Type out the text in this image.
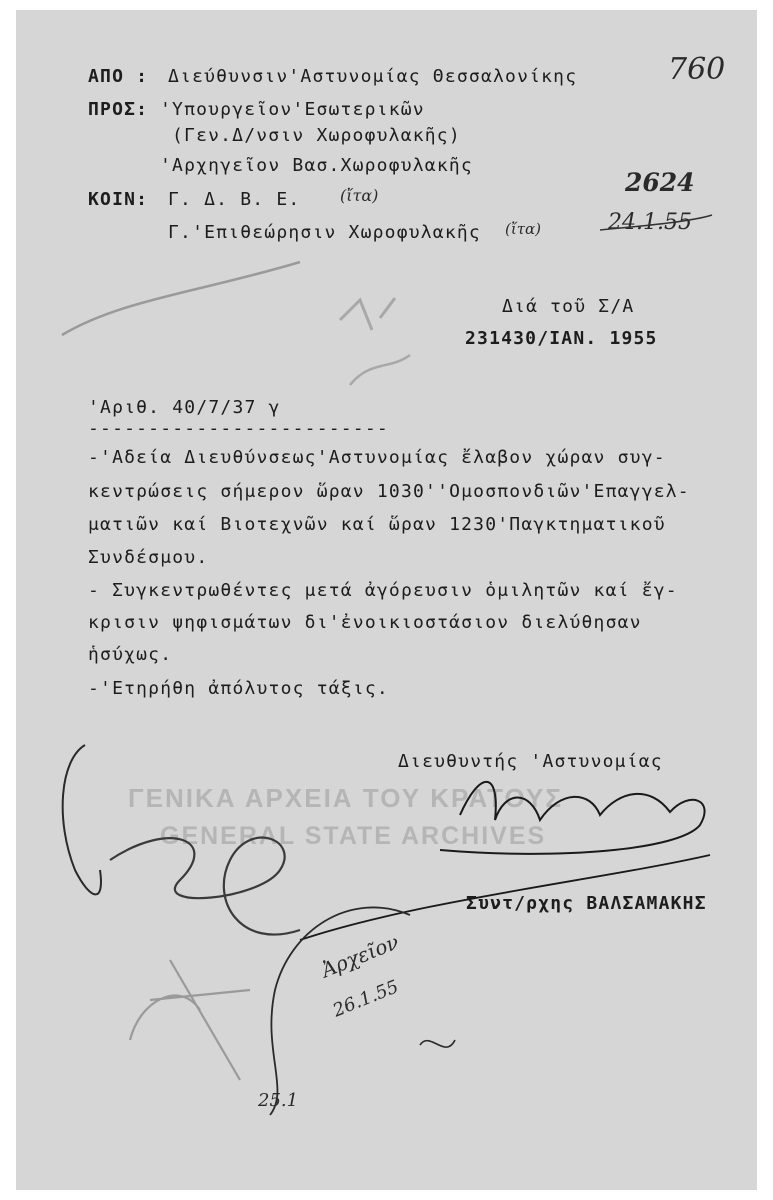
ΓΕΝΙΚΑ ΑΡΧΕΙΑ ΤΟΥ ΚΡΑΤΟΥΣ
GENERAL STATE ARCHIVES
ΑΠΟ : Διεύθυνσιν'Αστυνομίας Θεσσαλονίκης
ΠΡΟΣ: 'Υπουργεῖον'Εσωτερικῶν
(Γεν.Δ/νσιν Χωροφυλακῆς)
'Αρχηγεῖον Βασ.Χωροφυλακῆς
ΚΟΙΝ: Γ. Δ. Β. Ε. (ἴτα)
Γ.'Επιθεώρησιν Χωροφυλακῆς (ἴτα)
760
2624
24.1.55
Διά τοῦ Σ/Α
231430/ΙΑΝ. 1955
'Αριθ. 40/7/37 γ
-------------------------
-'Αδεία Διευθύνσεως'Αστυνομίας ἔλαβον χώραν συγ-
κεντρώσεις σήμερον ὥραν 1030''Ομοσπονδιῶν'Επαγγελ-
ματιῶν καί Βιοτεχνῶν καί ὥραν 1230'Παγκτηματικοῦ
Συνδέσμου.
- Συγκεντρωθέντες μετά ἀγόρευσιν ὁμιλητῶν καί ἔγ-
κρισιν ψηφισμάτων δι'ἐνοικιοστάσιον διελύθησαν
ἡσύχως.
-'Ετηρήθη ἀπόλυτος τάξις.
Διευθυντής 'Αστυνομίας
Συντ/ρχης ΒΑΛΣΑΜΑΚΗΣ
Ἀρχεῖον
26.1.55
25.1
